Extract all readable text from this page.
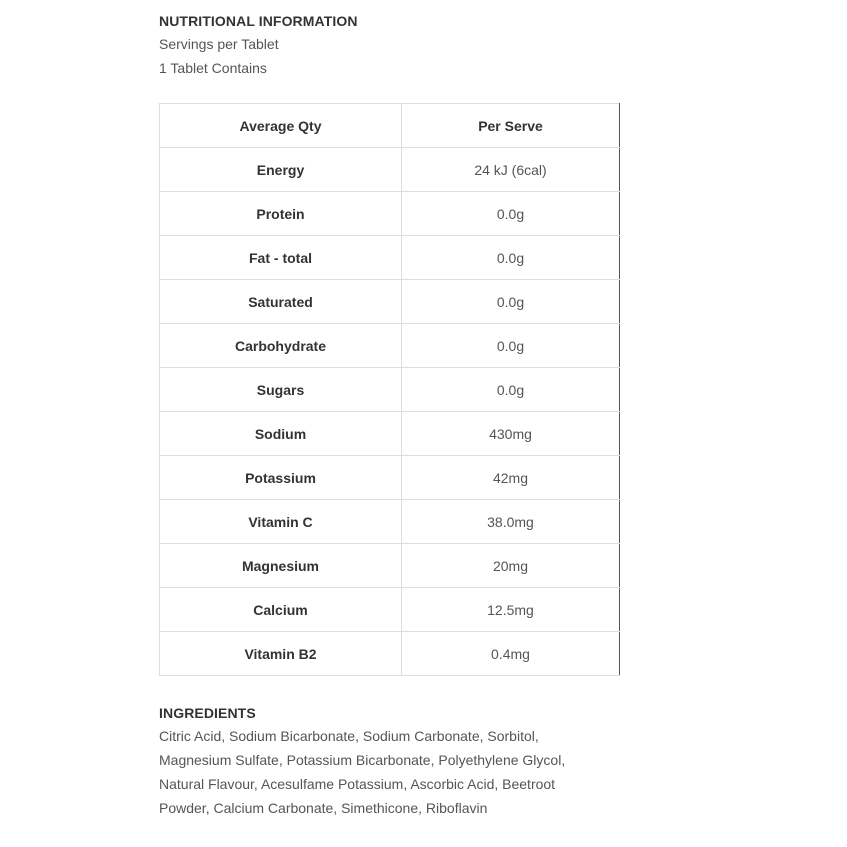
NUTRITIONAL INFORMATION
Servings per Tablet
1 Tablet Contains
Average Qty	Per Serve
Energy	24 kJ (6cal)
Protein	0.0g
Fat - total	0.0g
Saturated	0.0g
Carbohydrate	0.0g
Sugars	0.0g
Sodium	430mg
Potassium	42mg
Vitamin C	38.0mg
Magnesium	20mg
Calcium	12.5mg
Vitamin B2	0.4mg
INGREDIENTS
Citric Acid, Sodium Bicarbonate, Sodium Carbonate, Sorbitol, Magnesium Sulfate, Potassium Bicarbonate, Polyethylene Glycol, Natural Flavour, Acesulfame Potassium, Ascorbic Acid, Beetroot Powder, Calcium Carbonate, Simethicone, Riboflavin
